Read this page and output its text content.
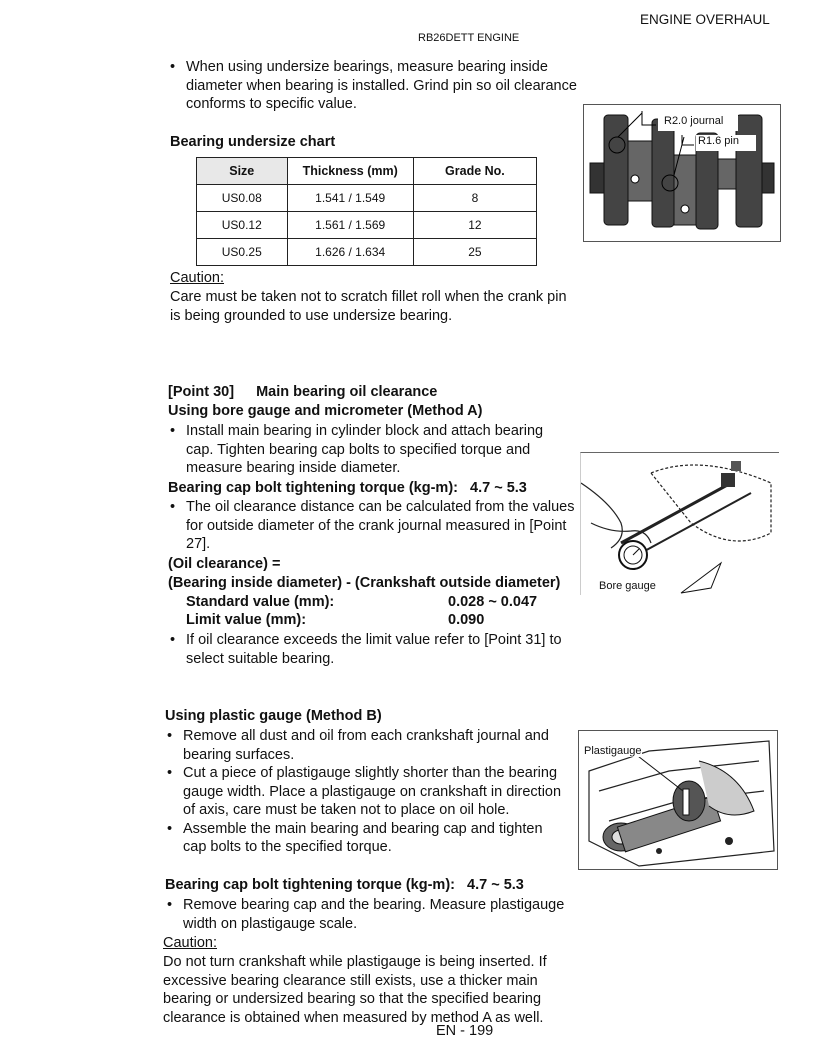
ENGINE OVERHAUL
RB26DETT ENGINE
• When using undersize bearings, measure bearing inside diameter when bearing is installed. Grind pin so oil clearance conforms to specific value.
Bearing undersize chart
Size	Thickness (mm)	Grade No.
US0.08	1.541 / 1.549	8
US0.12	1.561 / 1.569	12
US0.25	1.626 / 1.634	25
Caution:
Care must be taken not to scratch fillet roll when the crank pin is being grounded to use undersize bearing.
R2.0 journal
R1.6 pin
[Point 30] Main bearing oil clearance
Using bore gauge and micrometer (Method A)
• Install main bearing in cylinder block and attach bearing cap. Tighten bearing cap bolts to specified torque and measure bearing inside diameter.
Bearing cap bolt tightening torque (kg-m): 4.7 ~ 5.3
• The oil clearance distance can be calculated from the values for outside diameter of the crank journal measured in [Point 27].
(Oil clearance) =
(Bearing inside diameter) - (Crankshaft outside diameter)
Standard value (mm):	0.028 ~ 0.047
Limit value (mm):	0.090
• If oil clearance exceeds the limit value refer to [Point 31] to select suitable bearing.
Bore gauge
Using plastic gauge (Method B)
• Remove all dust and oil from each crankshaft journal and bearing surfaces.
• Cut a piece of plastigauge slightly shorter than the bearing gauge width. Place a plastigauge on crankshaft in direction of axis, care must be taken not to place on oil hole.
• Assemble the main bearing and bearing cap and tighten cap bolts to the specified torque.
Bearing cap bolt tightening torque (kg-m): 4.7 ~ 5.3
• Remove bearing cap and the bearing. Measure plastigauge width on plastigauge scale.
Caution:
Do not turn crankshaft while plastigauge is being inserted. If excessive bearing clearance still exists, use a thicker main bearing or undersized bearing so that the specified bearing clearance is obtained when measured by method A as well.
Plastigauge
EN - 199
